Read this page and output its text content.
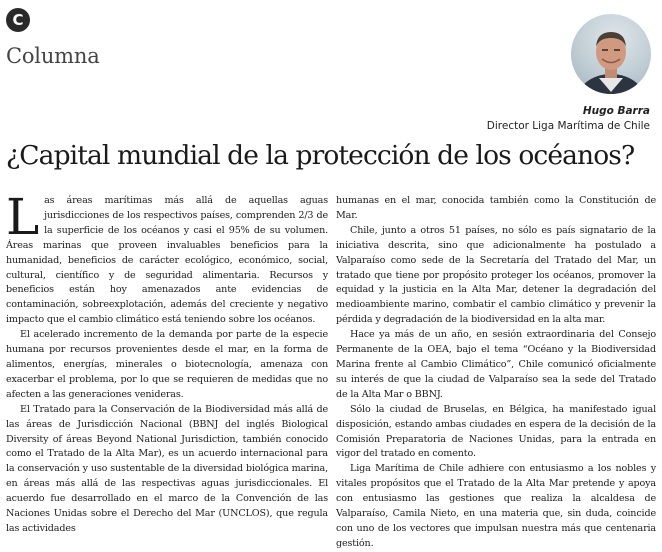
C
Columna
Hugo Barra
Director Liga Marítima de Chile
¿Capital mundial de la protección de los océanos?

Las áreas marítimas más allá de aquellas aguas jurisdicciones de los respectivos países, comprenden 2/3 de la superficie de los océanos y casi el 95% de su volumen. Áreas marinas que proveen invaluables beneficios para la humanidad, beneficios de carácter ecológico, económico, social, cultural, científico y de seguridad alimentaria. Recursos y beneficios están hoy amenazados ante evidencias de contaminación, sobreexplotación, además del creciente y negativo impacto que el cambio climático está teniendo sobre los océanos.

El acelerado incremento de la demanda por parte de la especie humana por recursos provenientes desde el mar, en la forma de alimentos, energías, minerales o biotecnología, amenaza con exacerbar el problema, por lo que se requieren de medidas que no afecten a las generaciones venideras.

El Tratado para la Conservación de la Biodiversidad más allá de las áreas de Jurisdicción Nacional (BBNJ del inglés Biological Diversity of áreas Beyond National Jurisdiction, también conocido como el Tratado de la Alta Mar), es un acuerdo internacional para la conservación y uso sustentable de la diversidad biológica marina, en áreas más allá de las respectivas aguas jurisdiccionales. El acuerdo fue desarrollado en el marco de la Convención de las Naciones Unidas sobre el Derecho del Mar (UNCLOS), que regula las actividades

humanas en el mar, conocida también como la Constitución de Mar.

Chile, junto a otros 51 países, no sólo es país signatario de la iniciativa descrita, sino que adicionalmente ha postulado a Valparaíso como sede de la Secretaría del Tratado del Mar, un tratado que tiene por propósito proteger los océanos, promover la equidad y la justicia en la Alta Mar, detener la degradación del medioambiente marino, combatir el cambio climático y prevenir la pérdida y degradación de la biodiversidad en la alta mar.

Hace ya más de un año, en sesión extraordinaria del Consejo Permanente de la OEA, bajo el tema “Océano y la Biodiversidad Marina frente al Cambio Climático”, Chile comunicó oficialmente su interés de que la ciudad de Valparaíso sea la sede del Tratado de la Alta Mar o BBNJ.

Sólo la ciudad de Bruselas, en Bélgica, ha manifestado igual disposición, estando ambas ciudades en espera de la decisión de la Comisión Preparatoria de Naciones Unidas, para la entrada en vigor del tratado en comento.

Liga Marítima de Chile adhiere con entusiasmo a los nobles y vitales propósitos que el Tratado de la Alta Mar pretende y apoya con entusiasmo las gestiones que realiza la alcaldesa de Valparaíso, Camila Nieto, en una materia que, sin duda, coincide con uno de los vectores que impulsan nuestra más que centenaria gestión.
